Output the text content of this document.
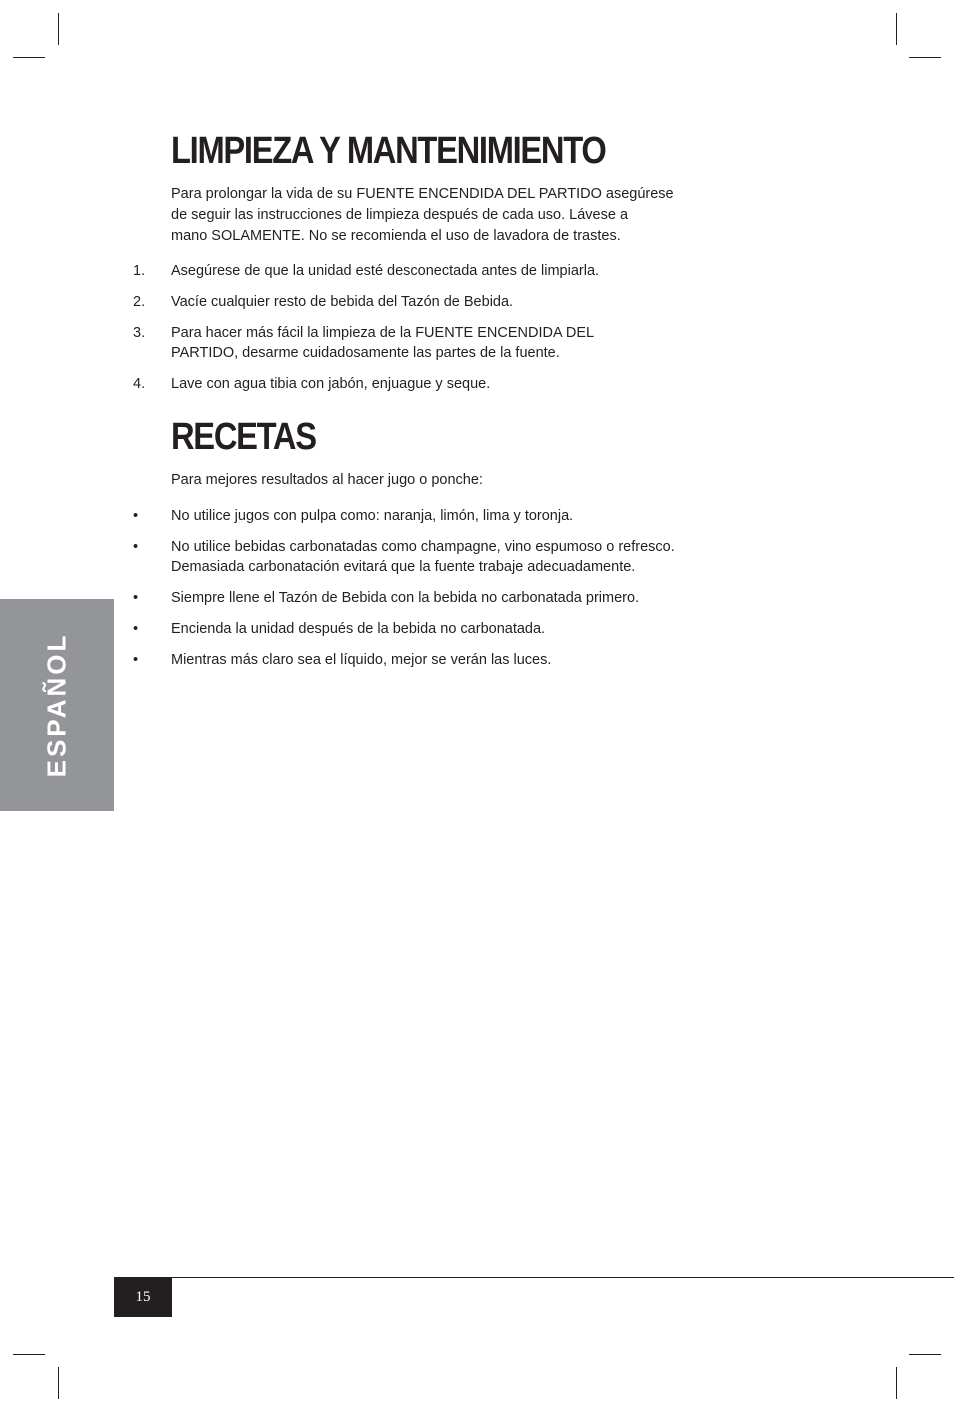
LIMPIEZA Y MANTENIMIENTO

Para prolongar la vida de su FUENTE ENCENDIDA DEL PARTIDO asegúrese
de seguir las instrucciones de limpieza después de cada uso. Lávese a
mano SOLAMENTE. No se recomienda el uso de lavadora de trastes.

1. Asegúrese de que la unidad esté desconectada antes de limpiarla.
2. Vacíe cualquier resto de bebida del Tazón de Bebida.
3. Para hacer más fácil la limpieza de la FUENTE ENCENDIDA DEL
PARTIDO, desarme cuidadosamente las partes de la fuente.
4. Lave con agua tibia con jabón, enjuague y seque.
RECETAS

Para mejores resultados al hacer jugo o ponche:

• No utilice jugos con pulpa como: naranja, limón, lima y toronja.
• No utilice bebidas carbonatadas como champagne, vino espumoso o refresco.
Demasiada carbonatación evitará que la fuente trabaje adecuadamente.
• Siempre llene el Tazón de Bebida con la bebida no carbonatada primero.
• Encienda la unidad después de la bebida no carbonatada.
• Mientras más claro sea el líquido, mejor se verán las luces.
ESPAÑOL
15
